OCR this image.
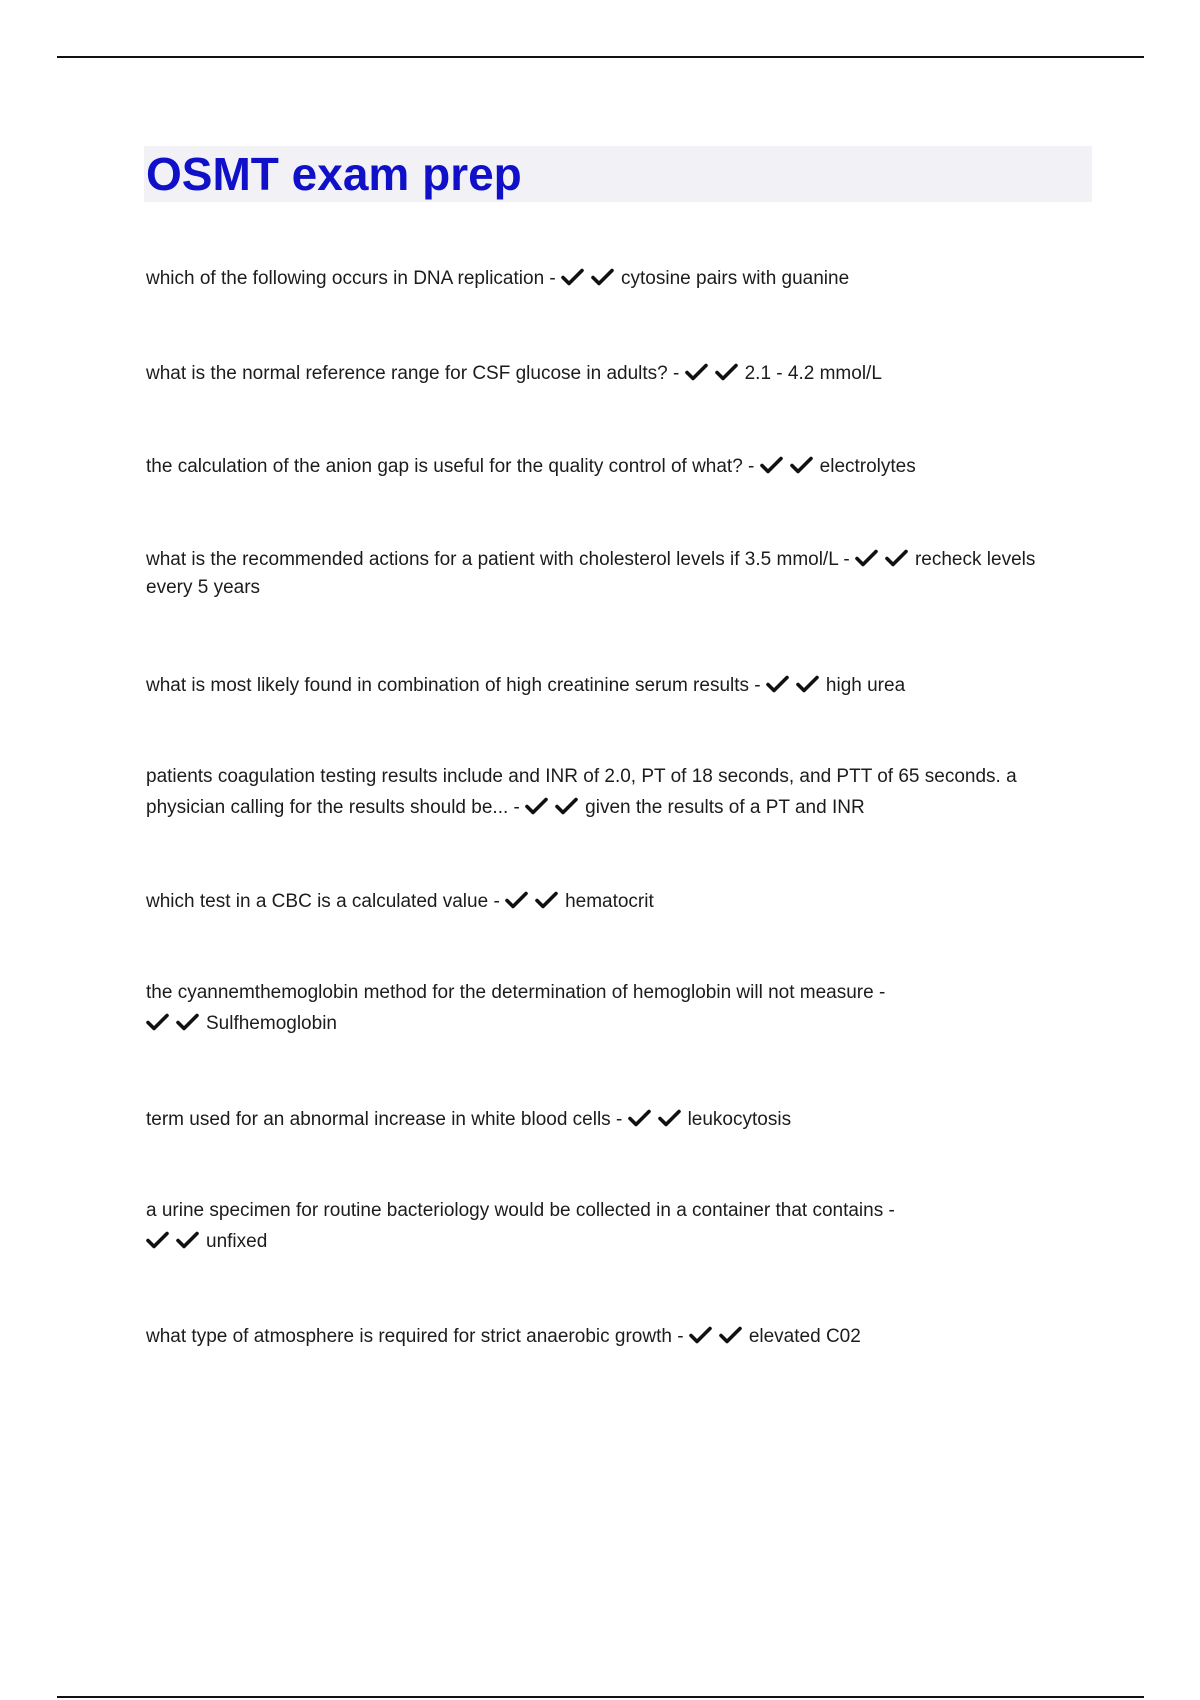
OSMT exam prep

which of the following occurs in DNA replication -	cytosine pairs with guanine

what is the normal reference range for CSF glucose in adults? -	2.1 - 4.2 mmol/L

the calculation of the anion gap is useful for the quality control of what? -	electrolytes

what is the recommended actions for a patient with cholesterol levels if 3.5 mmol/L -	recheck levels every 5 years

what is most likely found in combination of high creatinine serum results -	high urea

patients coagulation testing results include and INR of 2.0, PT of 18 seconds, and PTT of 65 seconds. a physician calling for the results should be... -	given the results of a PT and INR

which test in a CBC is a calculated value -	hematocrit

the cyannemthemoglobin method for the determination of hemoglobin will not measure -

Sulfhemoglobin

term used for an abnormal increase in white blood cells -	leukocytosis

a urine specimen for routine bacteriology would be collected in a container that contains -

unfixed

what type of atmosphere is required for strict anaerobic growth -	elevated C02
